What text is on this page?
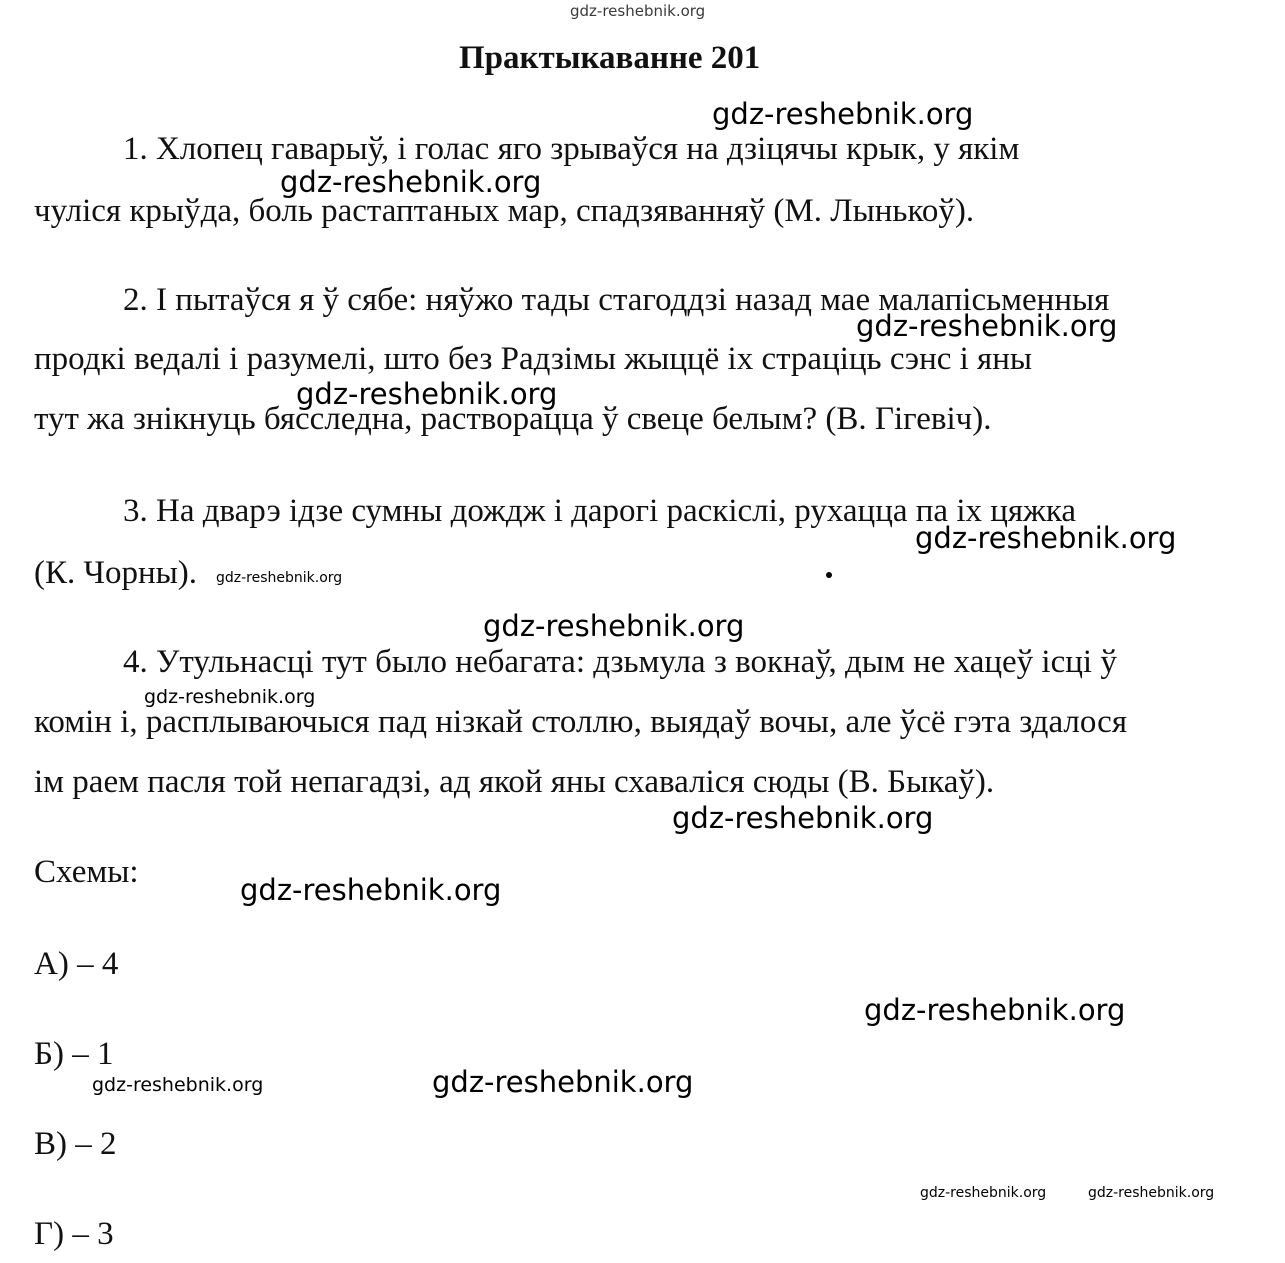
gdz-reshebnik.org
Практыкаванне 201
1. Хлопец гаварыў, і голас яго зрываўся на дзіцячы крык, у якім
чуліся крыўда, боль растаптаных мар, спадзяванняў (М. Лынькоў).
2. І пытаўся я ў сябе: няўжо тады стагоддзі назад мае малапісьменныя
продкі ведалі і разумелі, што без Радзімы жыццё іх страціць сэнс і яны
тут жа знікнуць бясследна, растворацца ў свеце белым? (В. Гігевіч).
3. На дварэ ідзе сумны дождж і дарогі раскіслі, рухацца па іх цяжка
(К. Чорны).
4. Утульнасці тут было небагата: дзьмула з вокнаў, дым не хацеў ісці ў
комін і, расплываючыся пад нізкай столлю, выядаў вочы, але ўсё гэта здалося
ім раем пасля той непагадзі, ад якой яны схаваліся сюды (В. Быкаў).
Схемы:
А) – 4
Б) – 1
В) – 2
Г) – 3
gdz-reshebnik.org
gdz-reshebnik.org
gdz-reshebnik.org
gdz-reshebnik.org
gdz-reshebnik.org
gdz-reshebnik.org
gdz-reshebnik.org
gdz-reshebnik.org
gdz-reshebnik.org
gdz-reshebnik.org
gdz-reshebnik.org
gdz-reshebnik.org
gdz-reshebnik.org
gdz-reshebnik.org	gdz-reshebnik.org
